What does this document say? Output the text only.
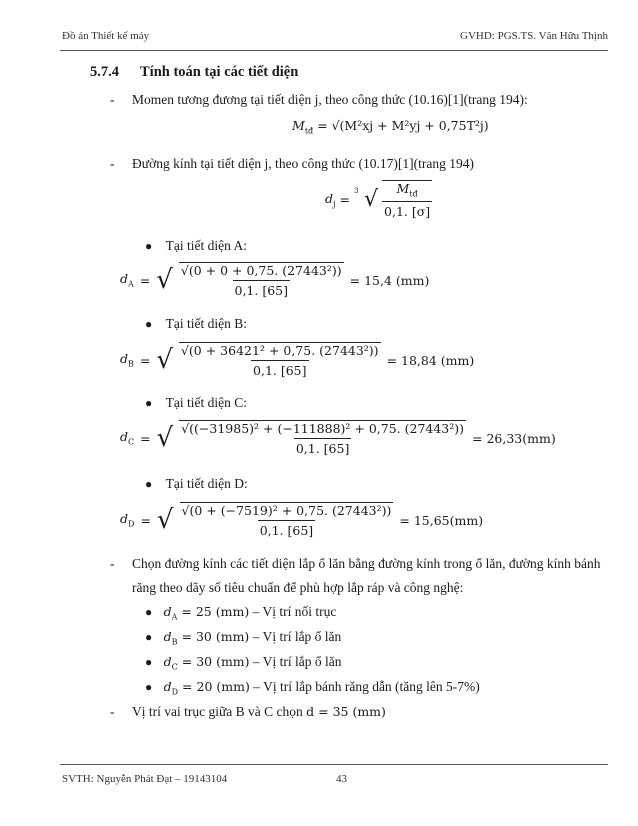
Đồ án Thiết kế máy	GVHD: PGS.TS. Văn Hữu Thịnh
5.7.4 Tính toán tại các tiết diện
- Momen tương đương tại tiết diện j, theo công thức (10.16)[1](trang 194):
$M_{tđ} = √(M^2xj + M^2yj + 0,75T^2j)$
- Đường kính tại tiết diện j, theo công thức (10.17)[1](trang 194)
$d_j$ =
3 √ $\frac{M_{tđ}}{0,1. [\sigma]}$
● Tại tiết diện A:
$d_A$ = √ $\frac{\text{√(0 + 0 + 0,75. (27443²))}}{0,1. [65]} = 15,4$ (mm)
● Tại tiết diện B:
$d_B$ = √ $\frac{\text{√(0 + 36421² + 0,75. (27443²))}}{0,1. [65]} = 18,84$ (mm)
● Tại tiết diện C:
$d_C$ = √ $\frac{\text{√((−31985)² + (−111888)² + 0,75. (27443²))}}{0,1. [65]} = 26,33(mm)$
● Tại tiết diện D:
$d_D$ = √ $\frac{\text{√(0 + (−7519)² + 0,75. (27443²))}}{0,1. [65]} = 15,65(mm)$
- Chọn đường kính các tiết diện lắp ổ lăn bằng đường kính trong ổ lăn, đường kính bánh
răng theo dãy số tiêu chuẩn để phù hợp lắp ráp và công nghệ:
● $d_A = 25$ (mm) – Vị trí nối trục
● $d_B = 30$ (mm) – Vị trí lắp ổ lăn
● $d_C = 30$ (mm) – Vị trí lắp ổ lăn
● $d_D = 20$ (mm) – Vị trí lắp bánh răng dẫn (tăng lên 5-7%)
- Vị trí vai trục giữa B và C chọn d = 35 (mm)
SVTH: Nguyễn Phát Đạt – 19143104	43
